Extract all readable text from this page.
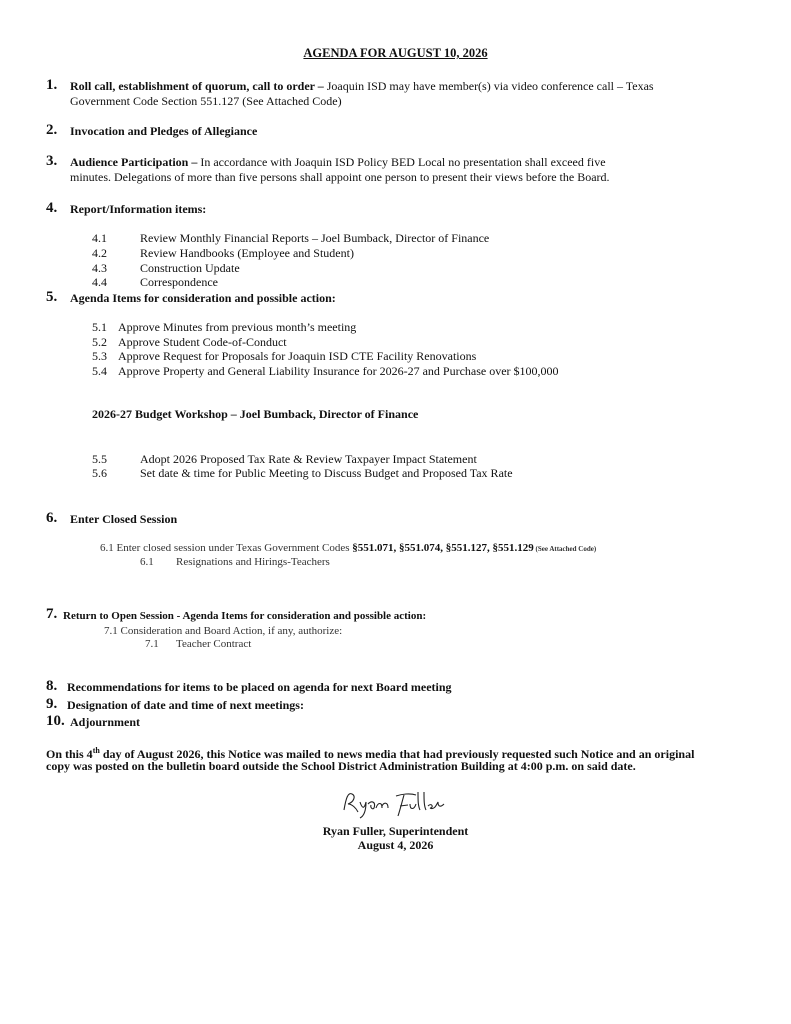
AGENDA FOR AUGUST 10, 2026
1. Roll call, establishment of quorum, call to order – Joaquin ISD may have member(s) via video conference call – Texas
Government Code Section 551.127 (See Attached Code)
2. Invocation and Pledges of Allegiance
3. Audience Participation – In accordance with Joaquin ISD Policy BED Local no presentation shall exceed five
minutes. Delegations of more than five persons shall appoint one person to present their views before the Board.
4. Report/Information items:
4.1	Review Monthly Financial Reports – Joel Bumback, Director of Finance
4.2	Review Handbooks (Employee and Student)
4.3	Construction Update
4.4	Correspondence
5. Agenda Items for consideration and possible action:
5.1 Approve Minutes from previous month’s meeting
5.2 Approve Student Code-of-Conduct
5.3 Approve Request for Proposals for Joaquin ISD CTE Facility Renovations
5.4 Approve Property and General Liability Insurance for 2026-27 and Purchase over $100,000
2026-27 Budget Workshop – Joel Bumback, Director of Finance
5.5	Adopt 2026 Proposed Tax Rate & Review Taxpayer Impact Statement
5.6	Set date & time for Public Meeting to Discuss Budget and Proposed Tax Rate
6. Enter Closed Session
6.1 Enter closed session under Texas Government Codes §551.071, §551.074, §551.127, §551.129 (See Attached Code)
6.1 Resignations and Hirings-Teachers
7. Return to Open Session - Agenda Items for consideration and possible action:
7.1 Consideration and Board Action, if any, authorize:
7.1 Teacher Contract
8. Recommendations for items to be placed on agenda for next Board meeting
9. Designation of date and time of next meetings:
10. Adjournment
On this 4th day of August 2026, this Notice was mailed to news media that had previously requested such Notice and an original
copy was posted on the bulletin board outside the School District Administration Building at 4:00 p.m. on said date.
Ryan Fuller, Superintendent
August 4, 2026
